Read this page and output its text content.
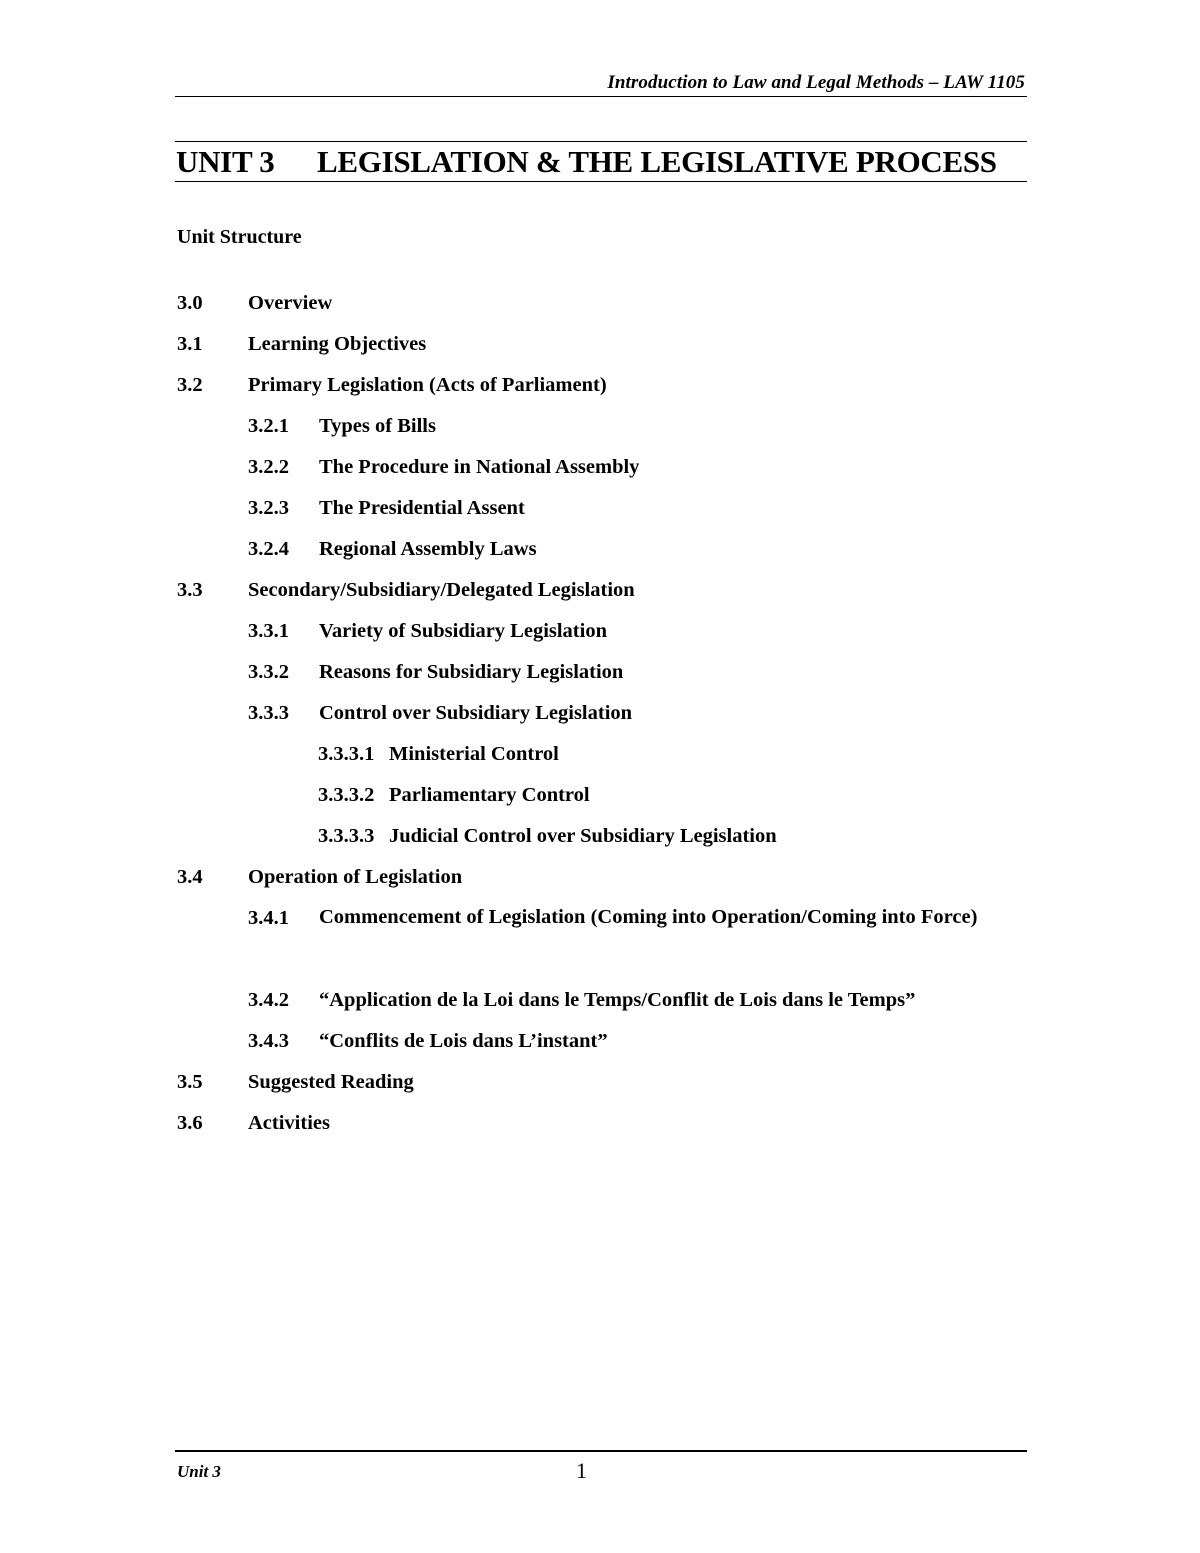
Introduction to Law and Legal Methods – LAW 1105
UNIT 3 LEGISLATION & THE LEGISLATIVE PROCESS
Unit Structure
3.0 Overview
3.1 Learning Objectives
3.2 Primary Legislation (Acts of Parliament)
3.2.1 Types of Bills
3.2.2 The Procedure in National Assembly
3.2.3 The Presidential Assent
3.2.4 Regional Assembly Laws
3.3 Secondary/Subsidiary/Delegated Legislation
3.3.1 Variety of Subsidiary Legislation
3.3.2 Reasons for Subsidiary Legislation
3.3.3 Control over Subsidiary Legislation
3.3.3.1 Ministerial Control
3.3.3.2 Parliamentary Control
3.3.3.3 Judicial Control over Subsidiary Legislation
3.4 Operation of Legislation
3.4.1 Commencement of Legislation (Coming into Operation/Coming into Force)
3.4.2 “Application de la Loi dans le Temps/Conflit de Lois dans le Temps”
3.4.3 “Conflits de Lois dans L’instant”
3.5 Suggested Reading
3.6 Activities
Unit 3	1
